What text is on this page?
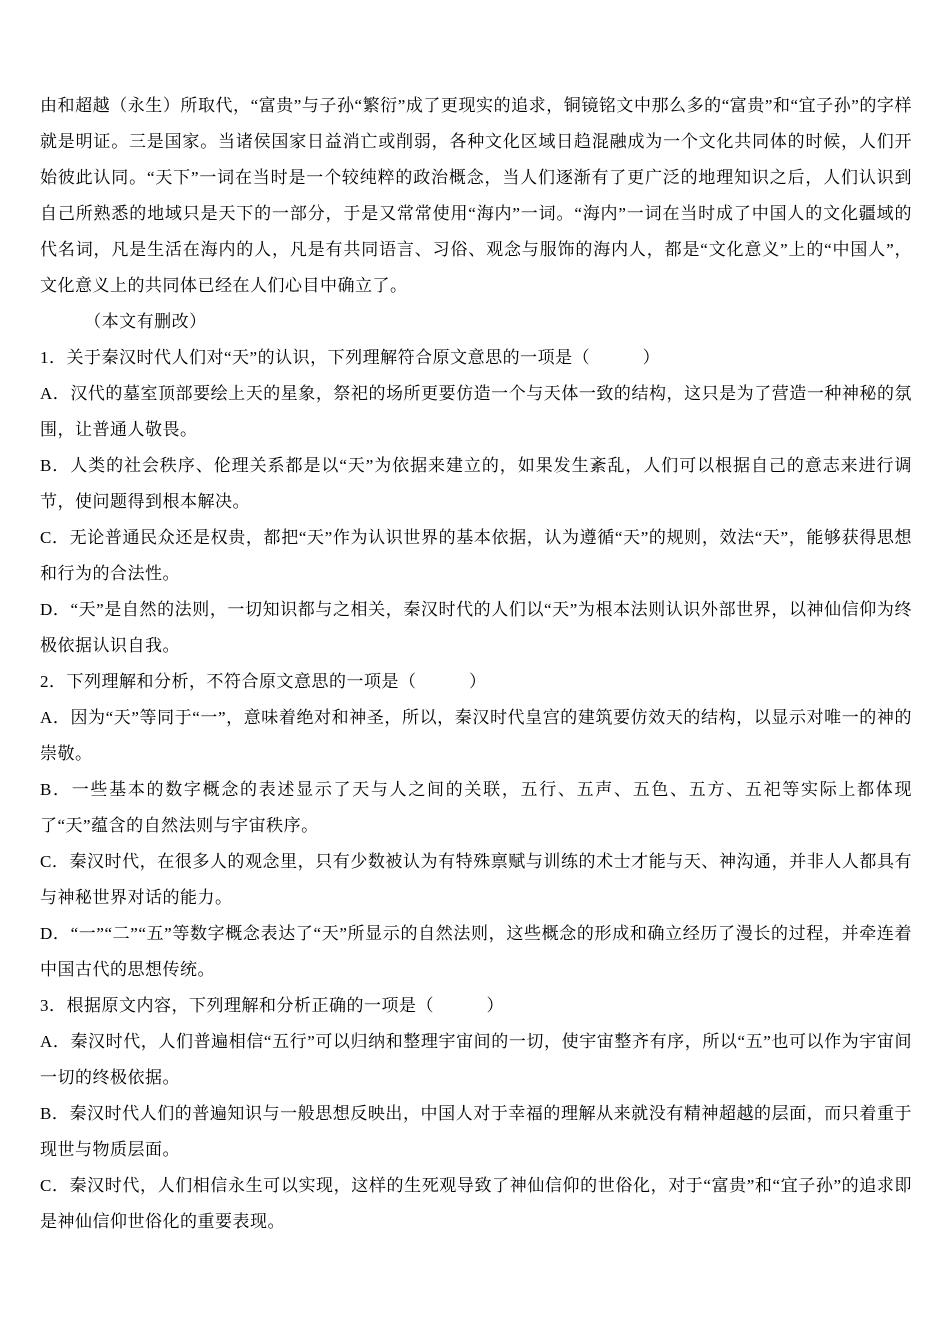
由和超越（永生）所取代，“富贵”与子孙“繁衍”成了更现实的追求，铜镜铭文中那么多的“富贵”和“宜子孙”的字样就是明证。三是国家。当诸侯国家日益消亡或削弱，各种文化区域日趋混融成为一个文化共同体的时候，人们开始彼此认同。“天下”一词在当时是一个较纯粹的政治概念，当人们逐渐有了更广泛的地理知识之后，人们认识到自己所熟悉的地域只是天下的一部分，于是又常常使用“海内”一词。“海内”一词在当时成了中国人的文化疆域的代名词，凡是生活在海内的人，凡是有共同语言、习俗、观念与服饰的海内人，都是“文化意义”上的“中国人”，文化意义上的共同体已经在人们心目中确立了。

（本文有删改）

1．关于秦汉时代人们对“天”的认识，下列理解符合原文意思的一项是（　　　）

A．汉代的墓室顶部要绘上天的星象，祭祀的场所更要仿造一个与天体一致的结构，这只是为了营造一种神秘的氛围，让普通人敬畏。

B．人类的社会秩序、伦理关系都是以“天”为依据来建立的，如果发生紊乱，人们可以根据自己的意志来进行调节，使问题得到根本解决。

C．无论普通民众还是权贵，都把“天”作为认识世界的基本依据，认为遵循“天”的规则，效法“天”，能够获得思想和行为的合法性。

D．“天”是自然的法则，一切知识都与之相关，秦汉时代的人们以“天”为根本法则认识外部世界，以神仙信仰为终极依据认识自我。

2．下列理解和分析，不符合原文意思的一项是（　　　）

A．因为“天”等同于“一”，意味着绝对和神圣，所以，秦汉时代皇宫的建筑要仿效天的结构，以显示对唯一的神的崇敬。

B．一些基本的数字概念的表述显示了天与人之间的关联，五行、五声、五色、五方、五祀等实际上都体现了“天”蕴含的自然法则与宇宙秩序。

C．秦汉时代，在很多人的观念里，只有少数被认为有特殊禀赋与训练的术士才能与天、神沟通，并非人人都具有与神秘世界对话的能力。

D．“一”“二”“五”等数字概念表达了“天”所显示的自然法则，这些概念的形成和确立经历了漫长的过程，并牵连着中国古代的思想传统。

3．根据原文内容，下列理解和分析正确的一项是（　　　）

A．秦汉时代，人们普遍相信“五行”可以归纳和整理宇宙间的一切，使宇宙整齐有序，所以“五”也可以作为宇宙间一切的终极依据。

B．秦汉时代人们的普遍知识与一般思想反映出，中国人对于幸福的理解从来就没有精神超越的层面，而只着重于现世与物质层面。

C．秦汉时代，人们相信永生可以实现，这样的生死观导致了神仙信仰的世俗化，对于“富贵”和“宜子孙”的追求即是神仙信仰世俗化的重要表现。
